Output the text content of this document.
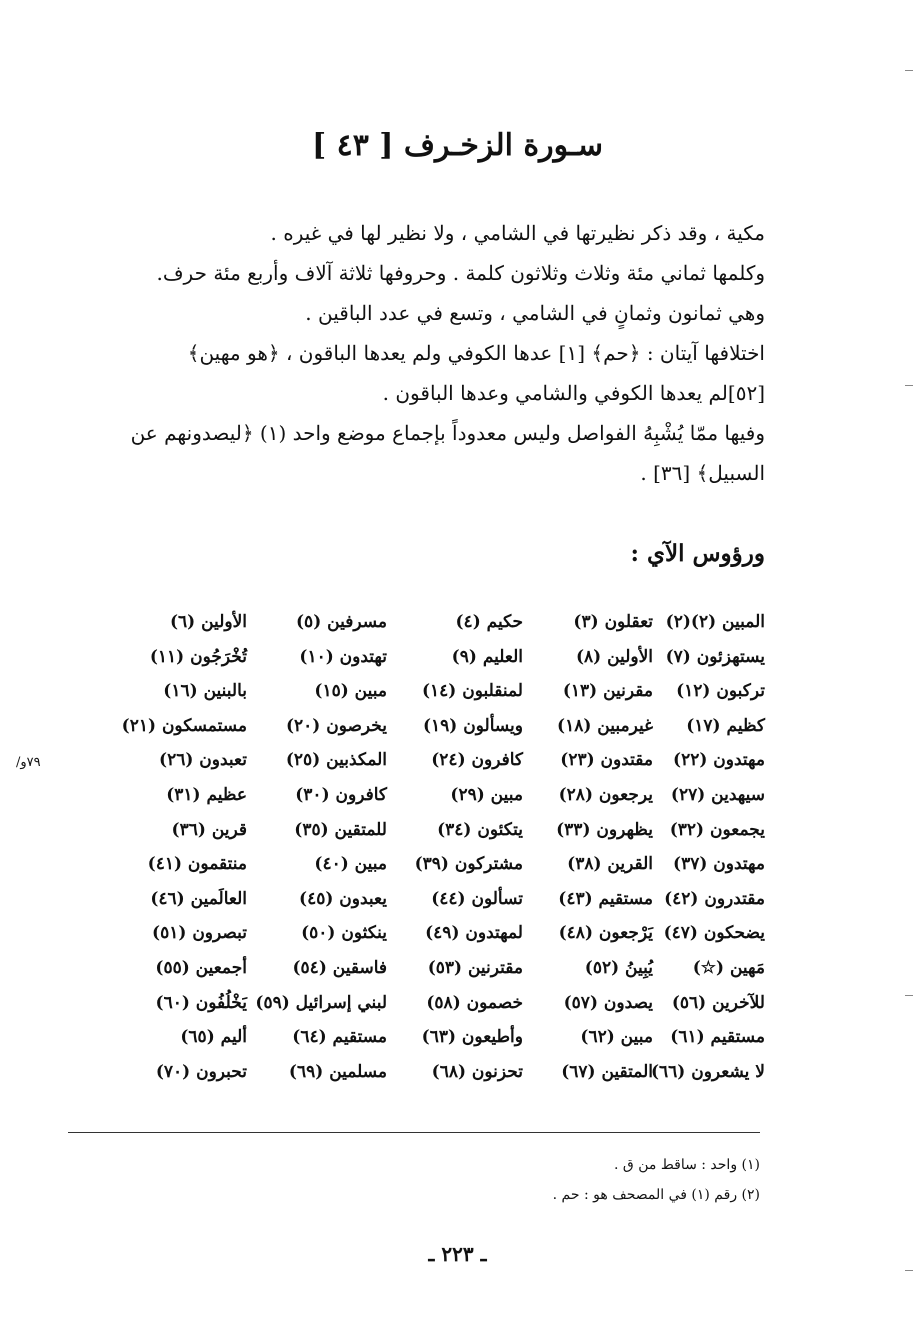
سـورة الزخـرف [ ٤٣ ]

مكية ، وقد ذكر نظيرتها في الشامي ، ولا نظير لها في غيره .
وكلمها ثماني مئة وثلاث وثلاثون كلمة . وحروفها ثلاثة آلاف وأربع مئة حرف.
وهي ثمانون وثمانٍ في الشامي ، وتسع في عدد الباقين .
اختلافها آيتان : ﴿حم﴾ [١] عدها الكوفي ولم يعدها الباقون ، ﴿هو مهين﴾
[٥٢]لم يعدها الكوفي والشامي وعدها الباقون .
وفيها ممّا يُشْبِهُ الفواصل وليس معدوداً بإجماع موضع واحد (١) ﴿ليصدونهم عن
السبيل﴾ [٣٦] .

ورؤوس الآي :
المبين (٢)(٢)
تعقلون (٣)
حكيم (٤)
مسرفين (٥)
الأولين (٦)
يستهزئون (٧)
الأولين (٨)
العليم (٩)
تهتدون (١٠)
تُخْرَجُون (١١)
تركبون (١٢)
مقرنين (١٣)
لمنقلبون (١٤)
مبين (١٥)
بالبنين (١٦)
كظيم (١٧)
غيرمبين (١٨)
ويسألون (١٩)
يخرصون (٢٠)
مستمسكون (٢١)
مهتدون (٢٢)
مقتدون (٢٣)
كافرون (٢٤)
المكذبين (٢٥)
تعبدون (٢٦)
سيهدين (٢٧)
يرجعون (٢٨)
مبين (٢٩)
كافرون (٣٠)
عظيم (٣١)
يجمعون (٣٢)
يظهرون (٣٣)
يتكئون (٣٤)
للمتقين (٣٥)
قرين (٣٦)
مهتدون (٣٧)
القرين (٣٨)
مشتركون (٣٩)
مبين (٤٠)
منتقمون (٤١)
مقتدرون (٤٢)
مستقيم (٤٣)
تسألون (٤٤)
يعبدون (٤٥)
العالَمين (٤٦)
يضحكون (٤٧)
يَرْجعون (٤٨)
لمهتدون (٤٩)
ينكثون (٥٠)
تبصرون (٥١)
مَهين (☆)
يُبِينُ (٥٢)
مقترنين (٥٣)
فاسقين (٥٤)
أجمعين (٥٥)
للآخرين (٥٦)
يصدون (٥٧)
خصمون (٥٨)
لبني إسرائيل (٥٩)
يَخْلُفُون (٦٠)
مستقيم (٦١)
مبين (٦٢)
وأطيعون (٦٣)
مستقيم (٦٤)
أليم (٦٥)
لا يشعرون (٦٦)
المتقين (٦٧)
تحزنون (٦٨)
مسلمين (٦٩)
تحبرون (٧٠)
/٧٩و
(١) واحد : ساقط من ق .
(٢) رقم (١) في المصحف هو : حم .
ـ ٢٢٣ ـ
